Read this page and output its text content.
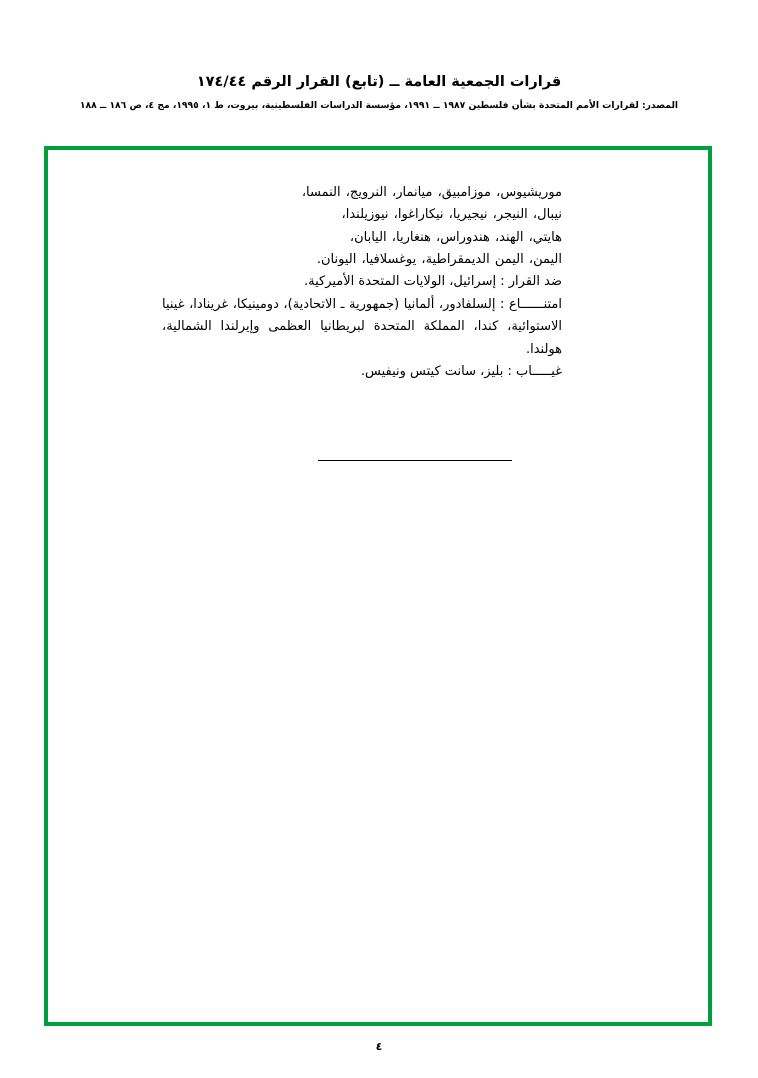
قرارات الجمعية العامة ــ (تابع) القرار الرقم ١٧٤/٤٤
المصدر: لقرارات الأمم المتحدة بشأن فلسطين ١٩٨٧ ــ ١٩٩١، مؤسسة الدراسات الفلسطينية، بيروت، ط ١، ١٩٩٥، مج ٤، ص ١٨٦ ــ ١٨٨
موريشيوس، موزامبيق، ميانمار، النرويج، النمسا،
نيبال، النيجر، نيجيريا، نيكاراغوا، نيوزيلندا،
هايتي، الهند، هندوراس، هنغاريا، اليابان،
اليمن، اليمن الديمقراطية، يوغسلافيا، اليونان.
ضد القرار : إسرائيل، الولايات المتحدة الأميركية.
امتنــــــاع : إلسلفادور، ألمانيا (جمهورية ـ الاتحادية)، دومينيكا، غرينادا، غينيا الاستوائية، كندا، المملكة المتحدة لبريطانيا العظمى وإيرلندا الشمالية، هولندا.
غيـــــاب : بليز، سانت كيتس ونيفيس.
٤
